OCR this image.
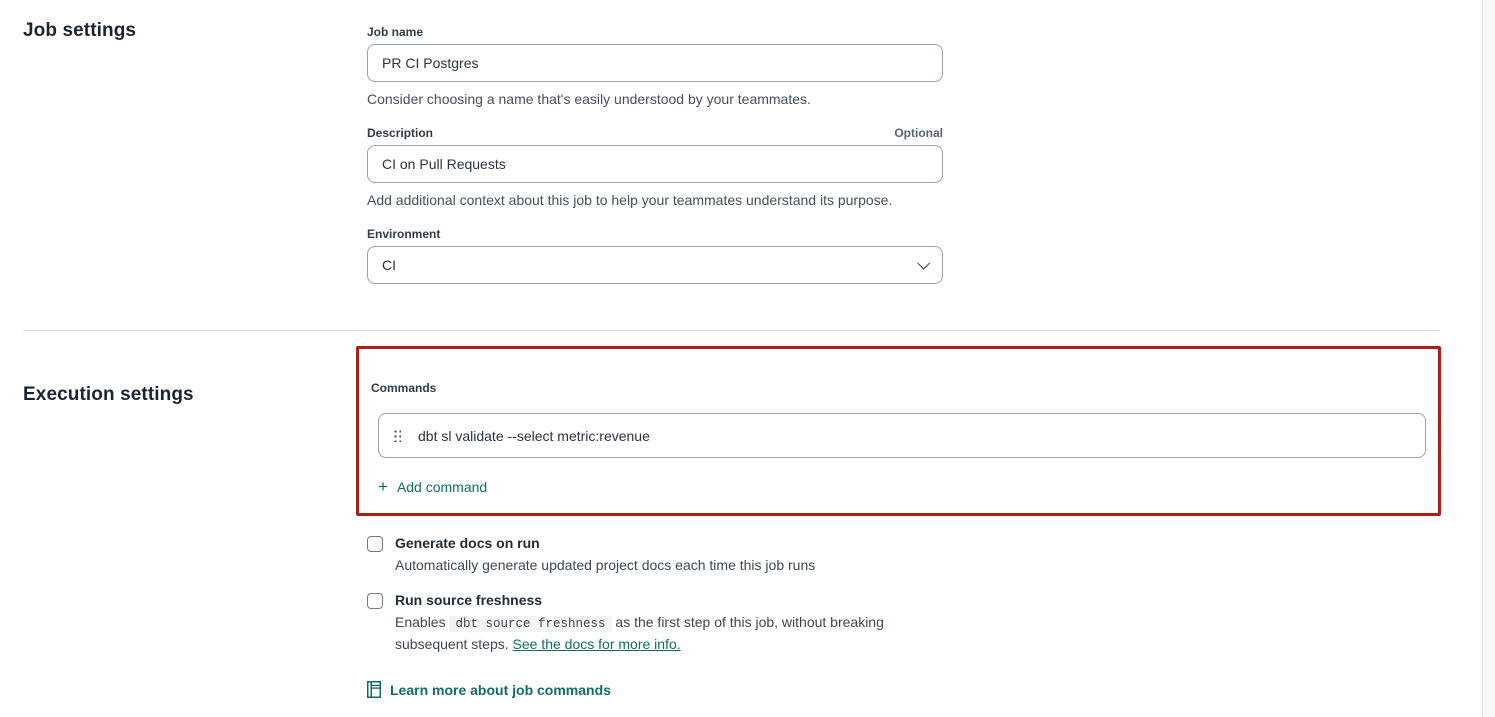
Job settings	Job name
PR CI Postgres
Consider choosing a name that's easily understood by your teammates.
Description	Optional
CI on Pull Requests
Add additional context about this job to help your teammates understand its purpose.
Environment
CI
Execution settings	Commands
dbt sl validate --select metric:revenue
+ Add command
Generate docs on run
Automatically generate updated project docs each time this job runs
Run source freshness
Enables dbt source freshness as the first step of this job, without breaking subsequent steps. See the docs for more info.
Learn more about job commands
